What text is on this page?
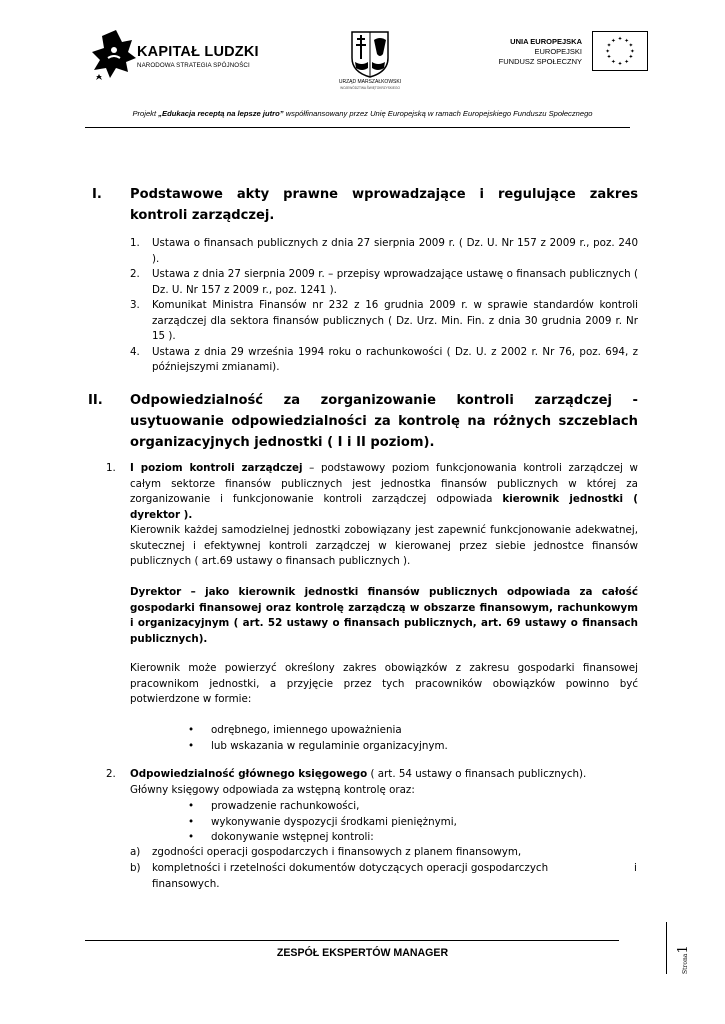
KAPITAŁ LUDZKI
NARODOWA STRATEGIA SPÓJNOŚCI
URZĄD MARSZAŁKOWSKI
WOJEWÓDZTWA ŚWIĘTOKRZYSKIEGO
UNIA EUROPEJSKA
EUROPEJSKI
FUNDUSZ SPOŁECZNY
✦ ✦
✦
✦
✦
✦
✦
✦
✦
✦
✦
✦
Projekt „Edukacja receptą na lepsze jutro” współfinansowany przez Unię Europejską w ramach Europejskiego Funduszu Społecznego
I. Podstawowe akty prawne wprowadzające i regulujące zakres
kontroli zarządczej.
1. Ustawa o finansach publicznych z dnia 27 sierpnia 2009 r. ( Dz. U. Nr 157 z 2009 r., poz. 240 ).
2. Ustawa z dnia 27 sierpnia 2009 r. – przepisy wprowadzające ustawę o finansach publicznych ( Dz. U. Nr 157 z 2009 r., poz. 1241 ).
3. Komunikat Ministra Finansów nr 232 z 16 grudnia 2009 r. w sprawie standardów kontroli zarządczej dla sektora finansów publicznych ( Dz. Urz. Min. Fin. z dnia 30 grudnia 2009 r. Nr 15 ).
4. Ustawa z dnia 29 września 1994 roku o rachunkowości ( Dz. U. z 2002 r. Nr 76, poz. 694, z późniejszymi zmianami).
II. Odpowiedzialność za zorganizowanie kontroli zarządczej - usytuowanie odpowiedzialności za kontrolę na różnych szczeblach organizacyjnych jednostki ( I i II poziom).
1. I poziom kontroli zarządczej – podstawowy poziom funkcjonowania kontroli zarządczej w całym sektorze finansów publicznych jest jednostka finansów publicznych w której za zorganizowanie i funkcjonowanie kontroli zarządczej odpowiada kierownik jednostki ( dyrektor ).
Kierownik każdej samodzielnej jednostki zobowiązany jest zapewnić funkcjonowanie adekwatnej, skutecznej i efektywnej kontroli zarządczej w kierowanej przez siebie jednostce finansów publicznych ( art.69 ustawy o finansach publicznych ).
Dyrektor – jako kierownik jednostki finansów publicznych odpowiada za całość gospodarki finansowej oraz kontrolę zarządczą w obszarze finansowym, rachunkowym i organizacyjnym ( art. 52 ustawy o finansach publicznych, art. 69 ustawy o finansach publicznych).
Kierownik może powierzyć określony zakres obowiązków z zakresu gospodarki finansowej pracownikom jednostki, a przyjęcie przez tych pracowników obowiązków powinno być potwierdzone w formie:
• odrębnego, imiennego upoważnienia
• lub wskazania w regulaminie organizacyjnym.
2. Odpowiedzialność głównego księgowego ( art. 54 ustawy o finansach publicznych).
Główny księgowy odpowiada za wstępną kontrolę oraz:
• prowadzenie rachunkowości,
• wykonywanie dyspozycji środkami pieniężnymi,
• dokonywanie wstępnej kontroli:
a) zgodności operacji gospodarczych i finansowych z planem finansowym,
b) kompletności i rzetelności dokumentów dotyczących operacji gospodarczych	i
finansowych.
ZESPÓŁ EKSPERTÓW MANAGER
Strona1
